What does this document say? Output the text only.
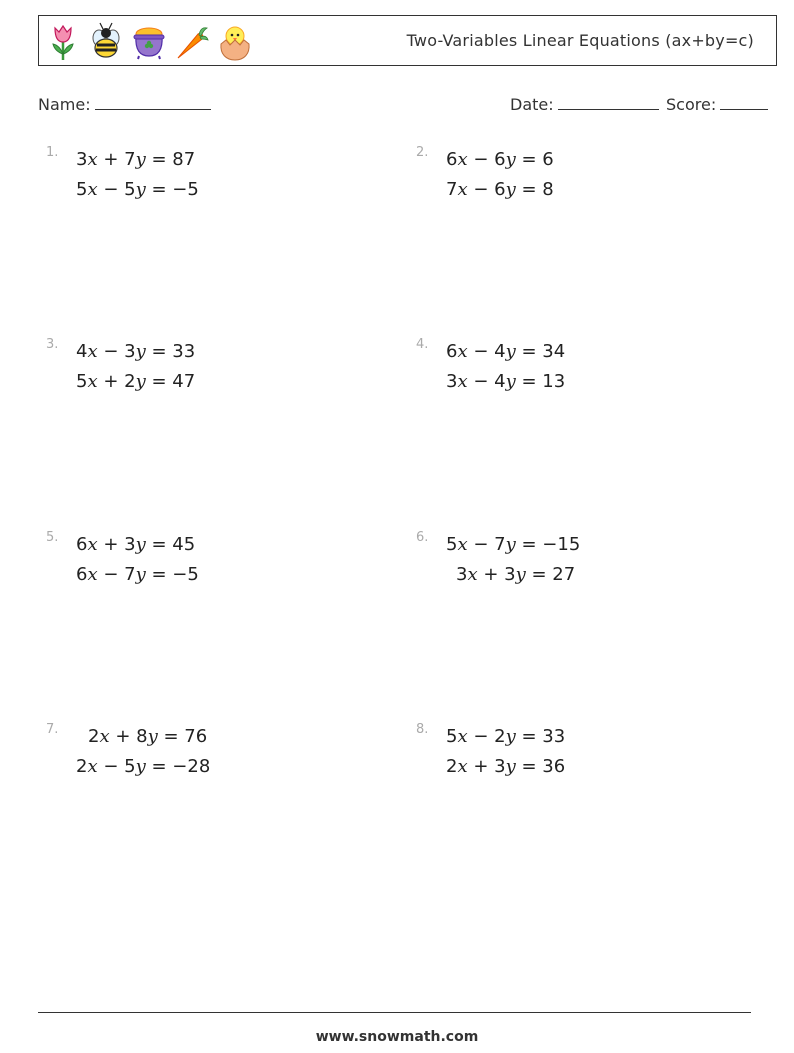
Two-Variables Linear Equations (ax+by=c)
Name:	Date:	Score:
1. 3x + 7y = 87
5x − 5y = −5
2. 6x − 6y = 6
7x − 6y = 8
3. 4x − 3y = 33
5x + 2y = 47
4. 6x − 4y = 34
3x − 4y = 13
5. 6x + 3y = 45
6x − 7y = −5
6. 5x − 7y = −15
3x + 3y = 27
7. 2x + 8y = 76
2x − 5y = −28
8. 5x − 2y = 33
2x + 3y = 36
www.snowmath.com
